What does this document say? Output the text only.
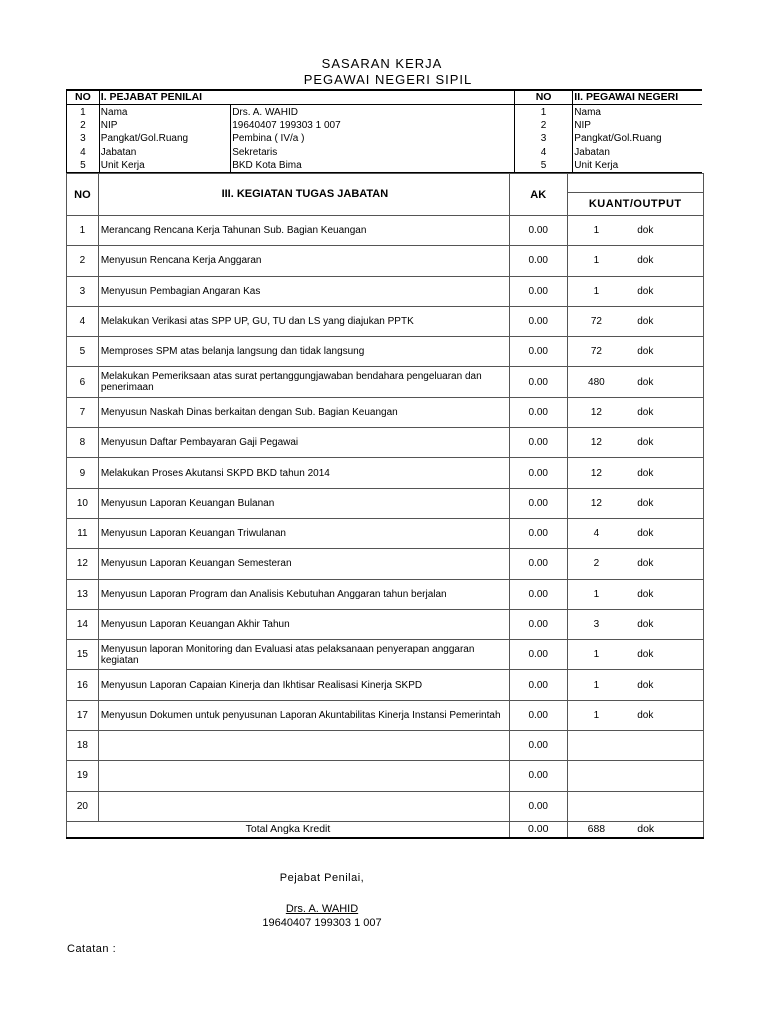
SASARAN KERJA
PEGAWAI NEGERI SIPIL
NO	I. PEJABAT PENILAI		NO	II. PEGAWAI NEGERI
1	Nama	Drs. A. WAHID	1	Nama
2	NIP	19640407 199303 1 007	2	NIP
3	Pangkat/Gol.Ruang	Pembina ( IV/a )	3	Pangkat/Gol.Ruang
4	Jabatan	Sekretaris	4	Jabatan
5	Unit Kerja	BKD Kota Bima	5	Unit Kerja
NO	III. KEGIATAN TUGAS JABATAN	AK		
			KUANT/OUTPUT	
1	Merancang Rencana Kerja Tahunan Sub. Bagian Keuangan	0.00	1	dok
2	Menyusun Rencana Kerja Anggaran	0.00	1	dok
3	Menyusun Pembagian Angaran Kas	0.00	1	dok
4	Melakukan Verikasi atas SPP UP, GU, TU dan LS yang diajukan PPTK	0.00	72	dok
5	Memproses SPM atas belanja langsung dan tidak langsung	0.00	72	dok
6	Melakukan Pemeriksaan atas surat pertanggungjawaban bendahara pengeluaran dan penerimaan	0.00	480	dok
7	Menyusun Naskah Dinas berkaitan dengan Sub. Bagian Keuangan	0.00	12	dok
8	Menyusun Daftar Pembayaran Gaji Pegawai	0.00	12	dok
9	Melakukan Proses Akutansi SKPD BKD tahun 2014	0.00	12	dok
10	Menyusun Laporan Keuangan Bulanan	0.00	12	dok
11	Menyusun Laporan Keuangan Triwulanan	0.00	4	dok
12	Menyusun Laporan Keuangan Semesteran	0.00	2	dok
13	Menyusun Laporan Program dan Analisis Kebutuhan Anggaran tahun berjalan	0.00	1	dok
14	Menyusun Laporan Keuangan Akhir Tahun	0.00	3	dok
15	Menyusun laporan Monitoring dan Evaluasi atas pelaksanaan penyerapan anggaran kegiatan	0.00	1	dok
16	Menyusun Laporan Capaian Kinerja dan Ikhtisar Realisasi Kinerja SKPD	0.00	1	dok
17	Menyusun Dokumen untuk penyusunan Laporan Akuntabilitas Kinerja Instansi Pemerintah	0.00	1	dok
18		0.00		
19		0.00		
20		0.00		
Total Angka Kredit		0.00	688	dok
Pejabat Penilai,
Drs. A. WAHID
19640407 199303 1 007
Catatan :
